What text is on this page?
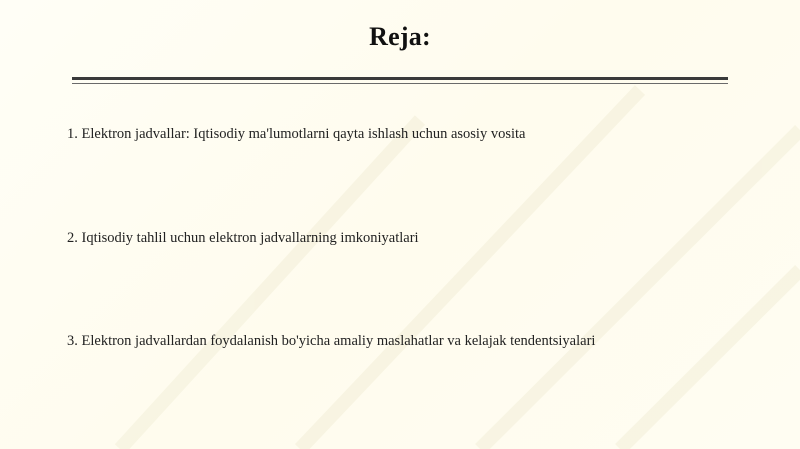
Reja:
1. Elektron jadvallar: Iqtisodiy ma'lumotlarni qayta ishlash uchun asosiy vosita
2. Iqtisodiy tahlil uchun elektron jadvallarning imkoniyatlari
3. Elektron jadvallardan foydalanish bo'yicha amaliy maslahatlar va kelajak tendentsiyalari
